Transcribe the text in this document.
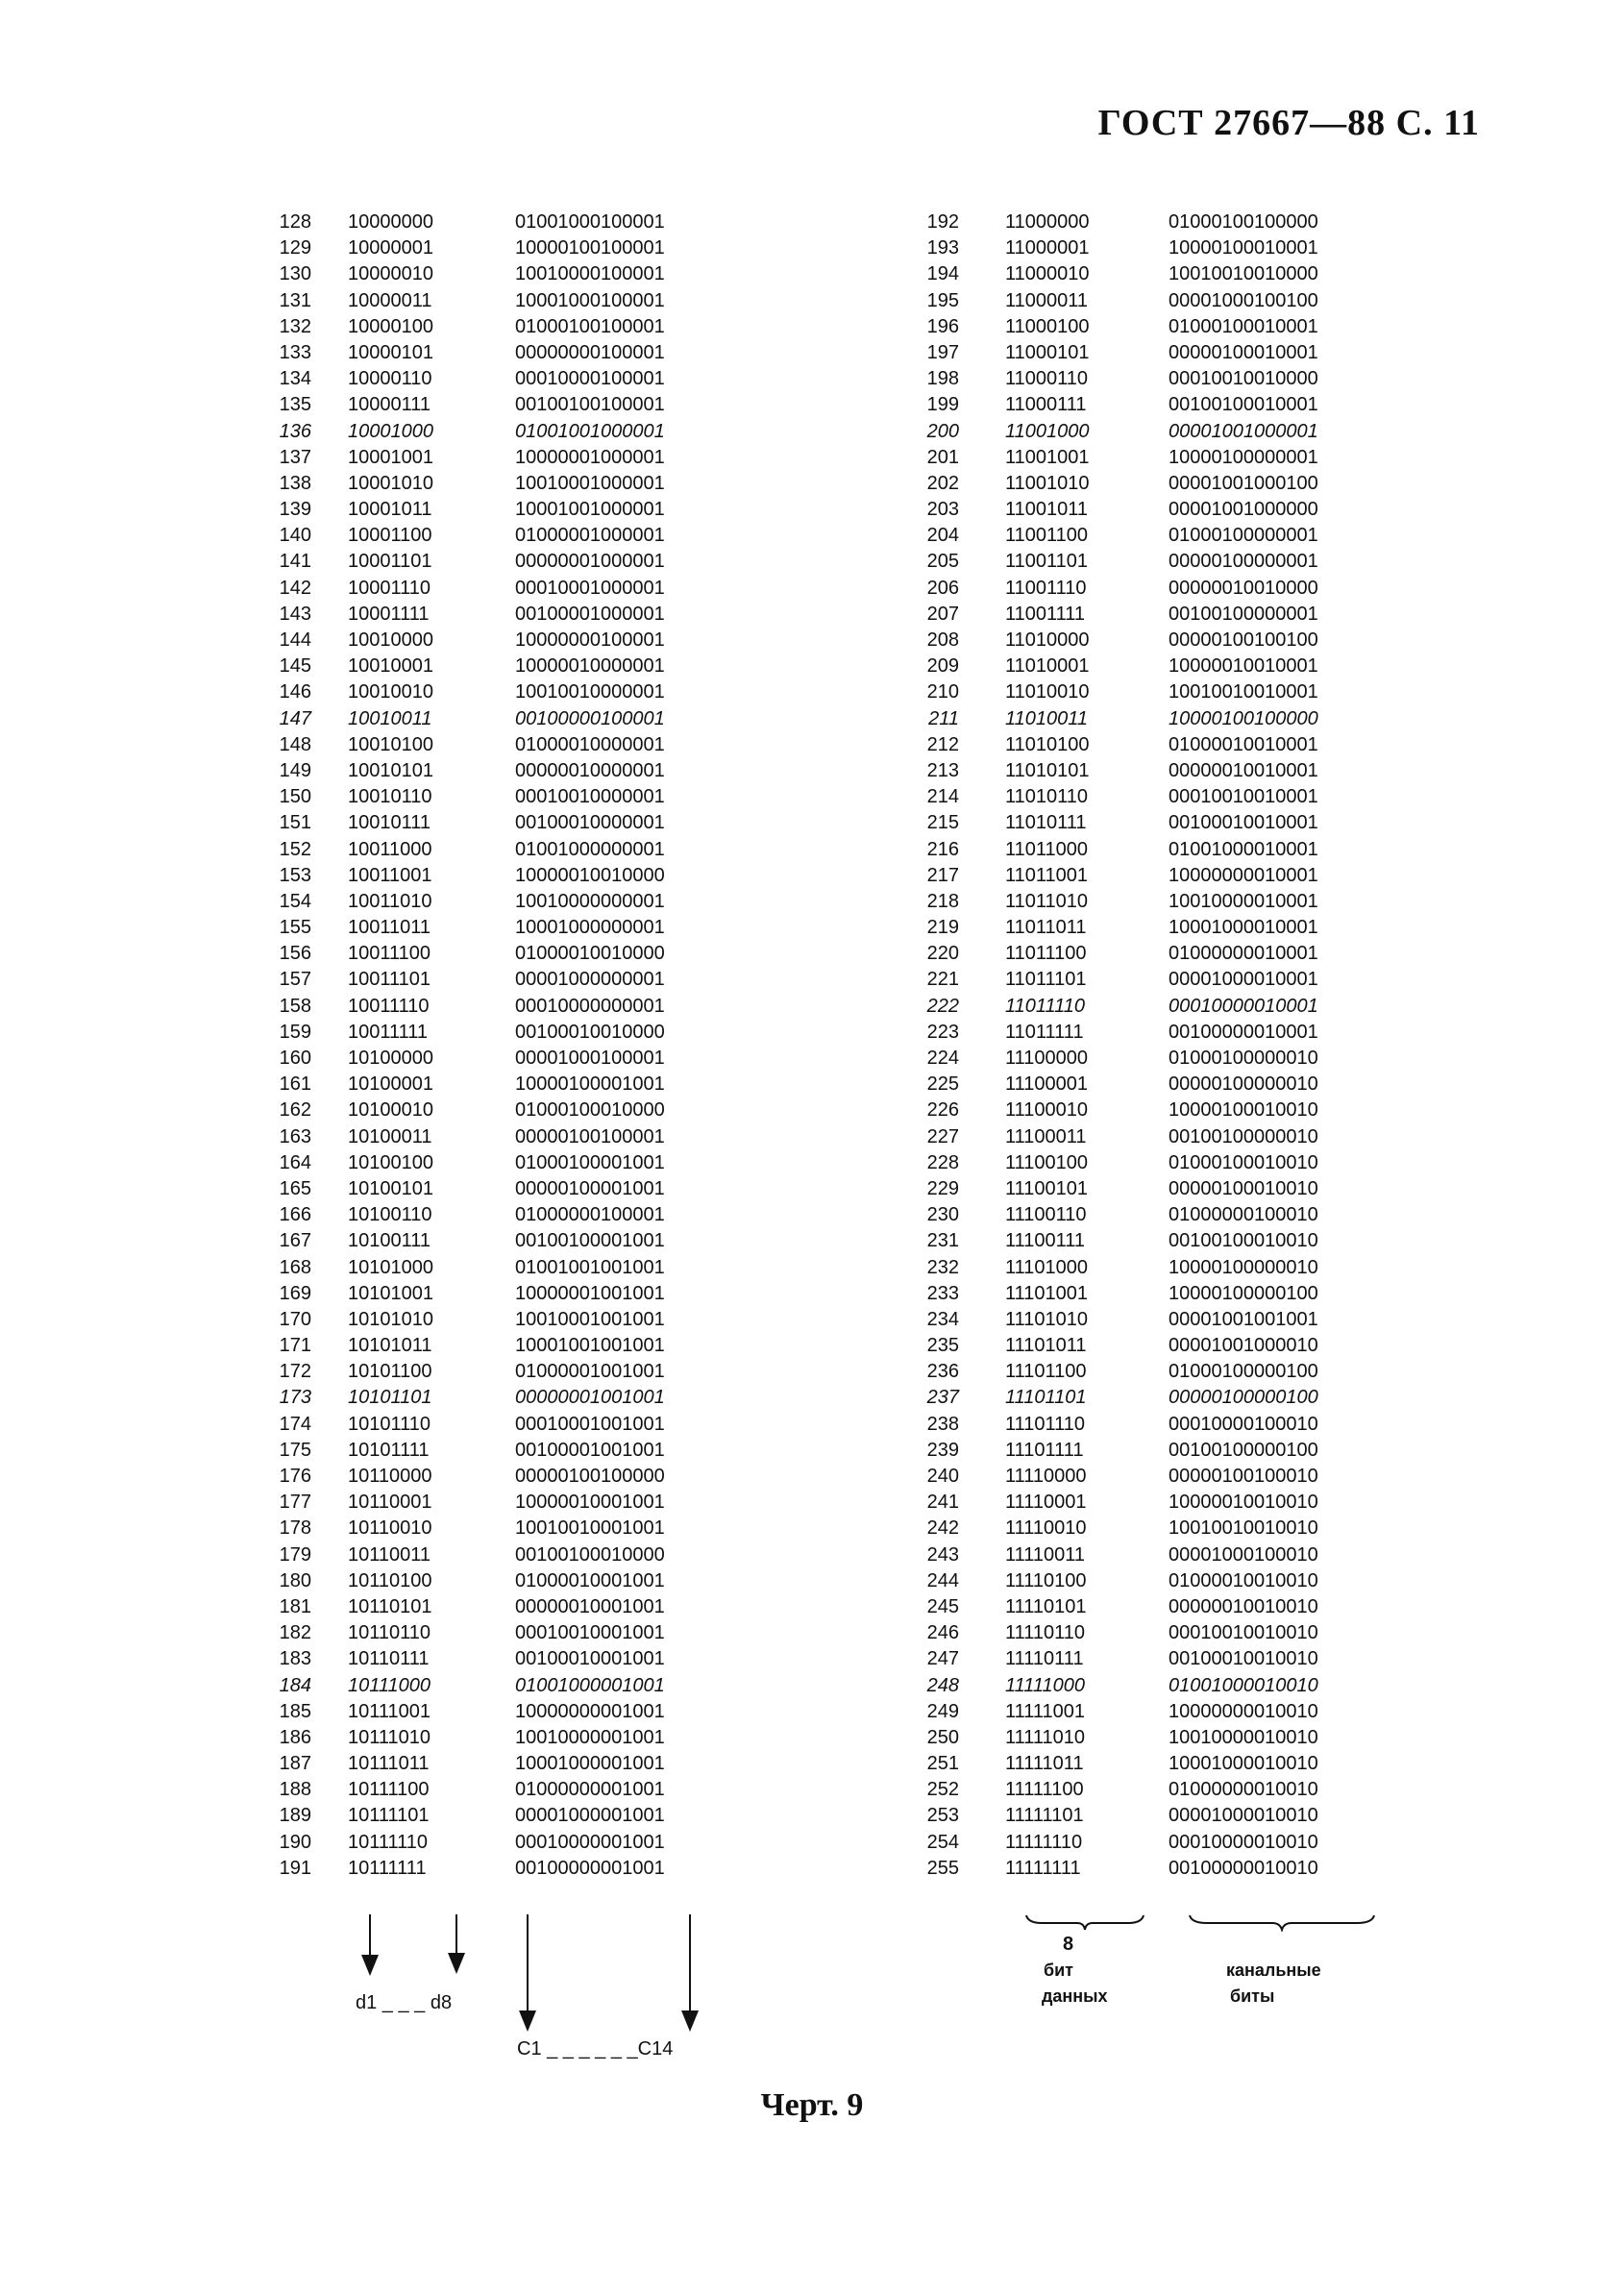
ГОСТ 27667—88 С. 11
128 10000000	01001000100001
129 10000001	10000100100001
130 10000010	10010000100001
131 10000011	10001000100001
132 10000100	01000100100001
133 10000101	00000000100001
134 10000110	00010000100001
135 10000111	00100100100001
136 10001000	01001001000001
137 10001001	10000001000001
138 10001010	10010001000001
139 10001011	10001001000001
140 10001100	01000001000001
141 10001101	00000001000001
142 10001110	00010001000001
143 10001111	00100001000001
144 10010000	10000000100001
145 10010001	10000010000001
146 10010010	10010010000001
147 10010011	00100000100001
148 10010100	01000010000001
149 10010101	00000010000001
150 10010110	00010010000001
151 10010111	00100010000001
152 10011000	01001000000001
153 10011001	10000010010000
154 10011010	10010000000001
155 10011011	10001000000001
156 10011100	01000010010000
157 10011101	00001000000001
158 10011110	00010000000001
159 10011111	00100010010000
160 10100000	00001000100001
161 10100001	10000100001001
162 10100010	01000100010000
163 10100011	00000100100001
164 10100100	01000100001001
165 10100101	00000100001001
166 10100110	01000000100001
167 10100111	00100100001001
168 10101000	01001001001001
169 10101001	10000001001001
170 10101010	10010001001001
171 10101011	10001001001001
172 10101100	01000001001001
173 10101101	00000001001001
174 10101110	00010001001001
175 10101111	00100001001001
176 10110000	00000100100000
177 10110001	10000010001001
178 10110010	10010010001001
179 10110011	00100100010000
180 10110100	01000010001001
181 10110101	00000010001001
182 10110110	00010010001001
183 10110111	00100010001001
184 10111000	01001000001001
185 10111001	10000000001001
186 10111010	10010000001001
187 10111011	10001000001001
188 10111100	01000000001001
189 10111101	00001000001001
190 10111110	00010000001001
191 10111111	00100000001001
192 11000000	01000100100000
193 11000001	10000100010001
194 11000010	10010010010000
195 11000011	00001000100100
196 11000100	01000100010001
197 11000101	00000100010001
198 11000110	00010010010000
199 11000111	00100100010001
200 11001000	00001001000001
201 11001001	10000100000001
202 11001010	00001001000100
203 11001011	00001001000000
204 11001100	01000100000001
205 11001101	00000100000001
206 11001110	00000010010000
207 11001111	00100100000001
208 11010000	00000100100100
209 11010001	10000010010001
210 11010010	10010010010001
211 11010011	10000100100000
212 11010100	01000010010001
213 11010101	00000010010001
214 11010110	00010010010001
215 11010111	00100010010001
216 11011000	01001000010001
217 11011001	10000000010001
218 11011010	10010000010001
219 11011011	10001000010001
220 11011100	01000000010001
221 11011101	00001000010001
222 11011110	00010000010001
223 11011111	00100000010001
224 11100000	01000100000010
225 11100001	00000100000010
226 11100010	10000100010010
227 11100011	00100100000010
228 11100100	01000100010010
229 11100101	00000100010010
230 11100110	01000000100010
231 11100111	00100100010010
232 11101000	10000100000010
233 11101001	10000100000100
234 11101010	00001001001001
235 11101011	00001001000010
236 11101100	01000100000100
237 11101101	00000100000100
238 11101110	00010000100010
239 11101111	00100100000100
240 11110000	00000100100010
241 11110001	10000010010010
242 11110010	10010010010010
243 11110011	00001000100010
244 11110100	01000010010010
245 11110101	00000010010010
246 11110110	00010010010010
247 11110111	00100010010010
248 11111000	01001000010010
249 11111001	10000000010010
250 11111010	10010000010010
251 11111011	10001000010010
252 11111100	01000000010010
253 11111101	00001000010010
254 11111110	00010000010010
255 11111111	00100000010010
d1 _ _ _ d8
C1 _ _ _ _ _ _C14
8
бит
данных
канальные
биты
Черт. 9
